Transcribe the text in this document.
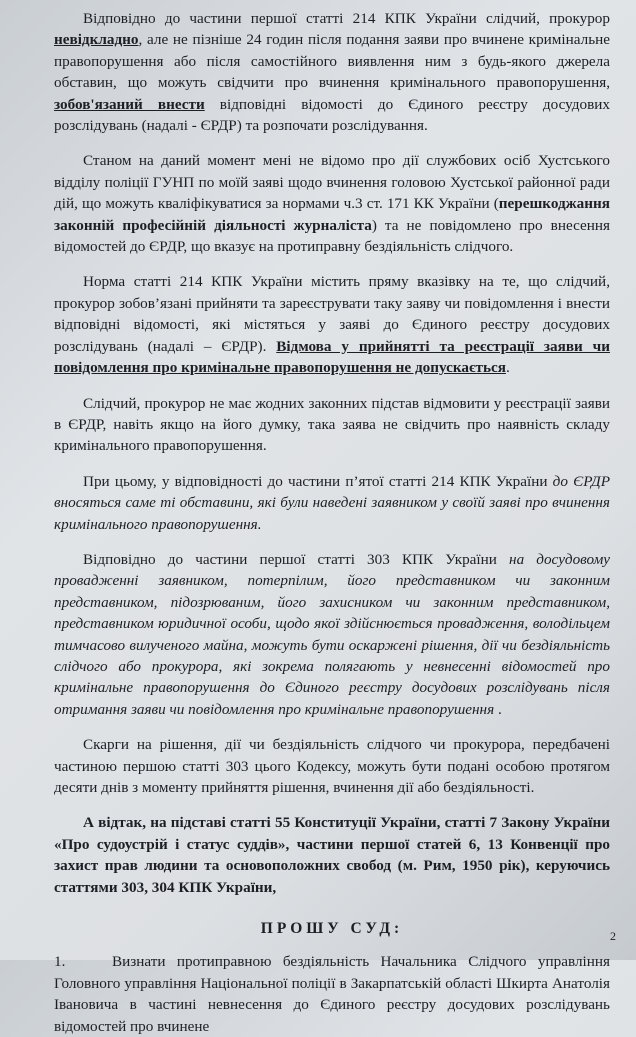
Відповідно до частини першої статті 214 КПК України слідчий, прокурор невідкладно, але не пізніше 24 годин після подання заяви про вчинене кримінальне правопорушення або після самостійного виявлення ним з будь-якого джерела обставин, що можуть свідчити про вчинення кримінального правопорушення, зобов'язаний внести відповідні відомості до Єдиного реєстру досудових розслідувань (надалі - ЄРДР) та розпочати розслідування.

Станом на даний момент мені не відомо про дії службових осіб Хустського відділу поліції ГУНП по моїй заяві щодо вчинення головою Хустської районної ради дій, що можуть кваліфікуватися за нормами ч.3 ст. 171 КК України (перешкоджання законній професійній діяльності журналіста) та не повідомлено про внесення відомостей до ЄРДР, що вказує на протиправну бездіяльність слідчого.

Норма статті 214 КПК України містить пряму вказівку на те, що слідчий, прокурор зобов’язані прийняти та зареєструвати таку заяву чи повідомлення і внести відповідні відомості, які містяться у заяві до Єдиного реєстру досудових розслідувань (надалі – ЄРДР). Відмова у прийнятті та реєстрації заяви чи повідомлення про кримінальне правопорушення не допускається.

Слідчий, прокурор не має жодних законних підстав відмовити у реєстрації заяви в ЄРДР, навіть якщо на його думку, така заява не свідчить про наявність складу кримінального правопорушення.

При цьому, у відповідності до частини п’ятої статті 214 КПК України до ЄРДР вносяться саме ті обставини, які були наведені заявником у своїй заяві про вчинення кримінального правопорушення.

Відповідно до частини першої статті 303 КПК України на досудовому провадженні заявником, потерпілим, його представником чи законним представником, підозрюваним, його захисником чи законним представником, представником юридичної особи, щодо якої здійснюється провадження, володільцем тимчасово вилученого майна, можуть бути оскаржені рішення, дії чи бездіяльність слідчого або прокурора, які зокрема полягають у невнесенні відомостей про кримінальне правопорушення до Єдиного реєстру досудових розслідувань після отримання заяви чи повідомлення про кримінальне правопорушення .

Скарги на рішення, дії чи бездіяльність слідчого чи прокурора, передбачені частиною першою статті 303 цього Кодексу, можуть бути подані особою протягом десяти днів з моменту прийняття рішення, вчинення дії або бездіяльності.

А відтак, на підставі статті 55 Конституції України, статті 7 Закону України «Про судоустрій і статус суддів», частини першої статей 6, 13 Конвенції про захист прав людини та основоположних свобод (м. Рим, 1950 рік), керуючись статтями 303, 304 КПК України,

ПРОШУ СУД:

1.	Визнати протиправною бездіяльність Начальника Слідчого управління Головного управління Національної поліції в Закарпатській області Шкирта Анатолія Івановича в частині невнесення до Єдиного реєстру досудових розслідувань відомостей про вчинене

2
